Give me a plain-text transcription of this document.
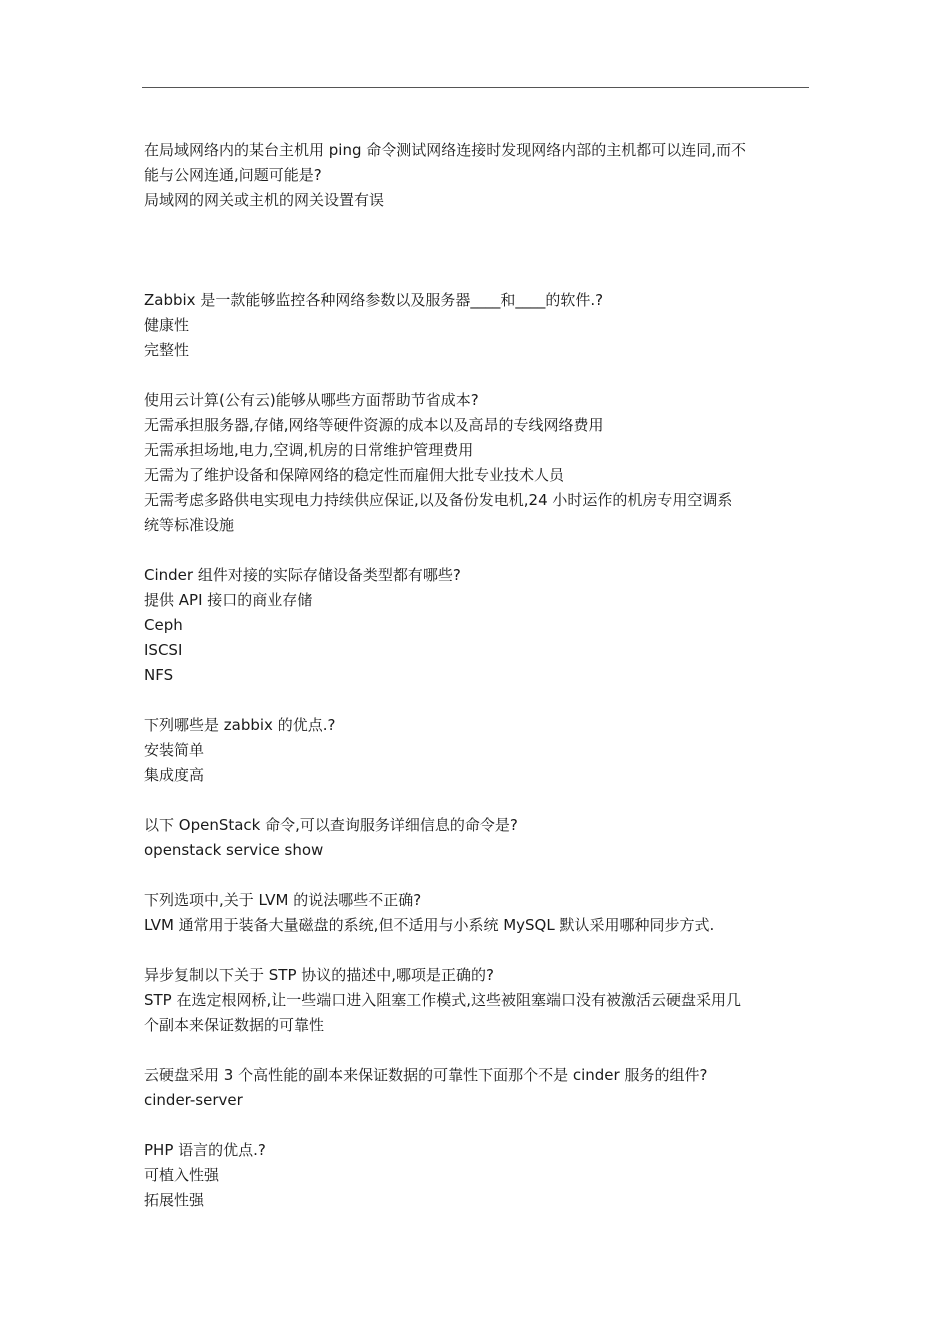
在局域网络内的某台主机用 ping 命令测试网络连接时发现网络内部的主机都可以连同,而不
能与公网连通,问题可能是?
局域网的网关或主机的网关设置有误
Zabbix 是一款能够监控各种网络参数以及服务器____和____的软件.?
健康性
完整性
使用云计算(公有云)能够从哪些方面帮助节省成本?
无需承担服务器,存储,网络等硬件资源的成本以及高昂的专线网络费用
无需承担场地,电力,空调,机房的日常维护管理费用
无需为了维护设备和保障网络的稳定性而雇佣大批专业技术人员
无需考虑多路供电实现电力持续供应保证,以及备份发电机,24 小时运作的机房专用空调系
统等标准设施
Cinder 组件对接的实际存储设备类型都有哪些?
提供 API 接口的商业存储
Ceph
ISCSI
NFS
下列哪些是 zabbix 的优点.?
安装简单
集成度高
以下 OpenStack 命令,可以查询服务详细信息的命令是?
openstack service show
下列选项中,关于 LVM 的说法哪些不正确?
LVM 通常用于装备大量磁盘的系统,但不适用与小系统 MySQL 默认采用哪种同步方式.
异步复制以下关于 STP 协议的描述中,哪项是正确的?
STP 在选定根网桥,让一些端口进入阻塞工作模式,这些被阻塞端口没有被激活云硬盘采用几
个副本来保证数据的可靠性
云硬盘采用 3 个高性能的副本来保证数据的可靠性下面那个不是 cinder 服务的组件?
cinder-server
PHP 语言的优点.?
可植入性强
拓展性强
